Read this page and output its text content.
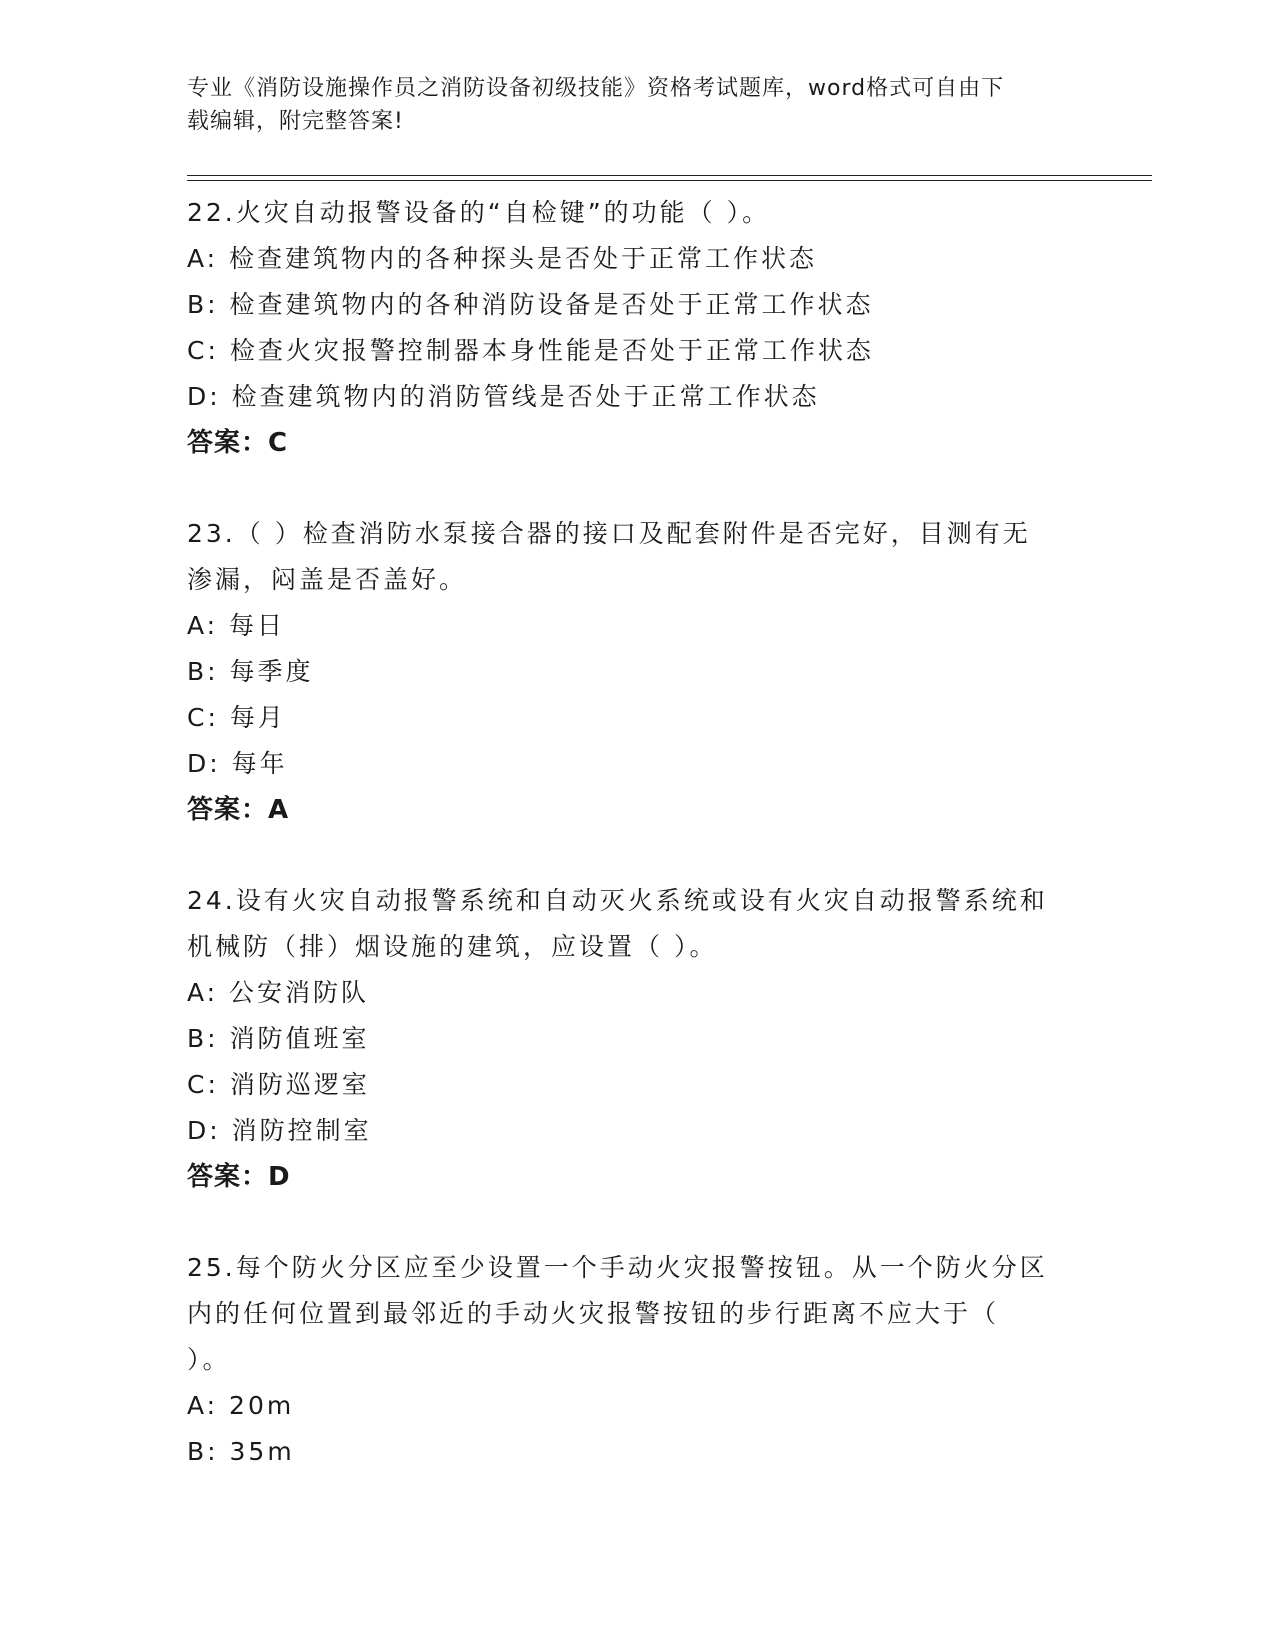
专业《消防设施操作员之消防设备初级技能》资格考试题库，word格式可自由下
载编辑，附完整答案!
22.火灾自动报警设备的“自检键”的功能（ ）。
A: 检查建筑物内的各种探头是否处于正常工作状态
B: 检查建筑物内的各种消防设备是否处于正常工作状态
C: 检查火灾报警控制器本身性能是否处于正常工作状态
D: 检查建筑物内的消防管线是否处于正常工作状态
答案：C
23.（ ）检查消防水泵接合器的接口及配套附件是否完好，目测有无
渗漏，闷盖是否盖好。
A: 每日
B: 每季度
C: 每月
D: 每年
答案：A
24.设有火灾自动报警系统和自动灭火系统或设有火灾自动报警系统和
机械防（排）烟设施的建筑，应设置（ ）。
A: 公安消防队
B: 消防值班室
C: 消防巡逻室
D: 消防控制室
答案：D
25.每个防火分区应至少设置一个手动火灾报警按钮。从一个防火分区
内的任何位置到最邻近的手动火灾报警按钮的步行距离不应大于（
）。
A: 20m
B: 35m
